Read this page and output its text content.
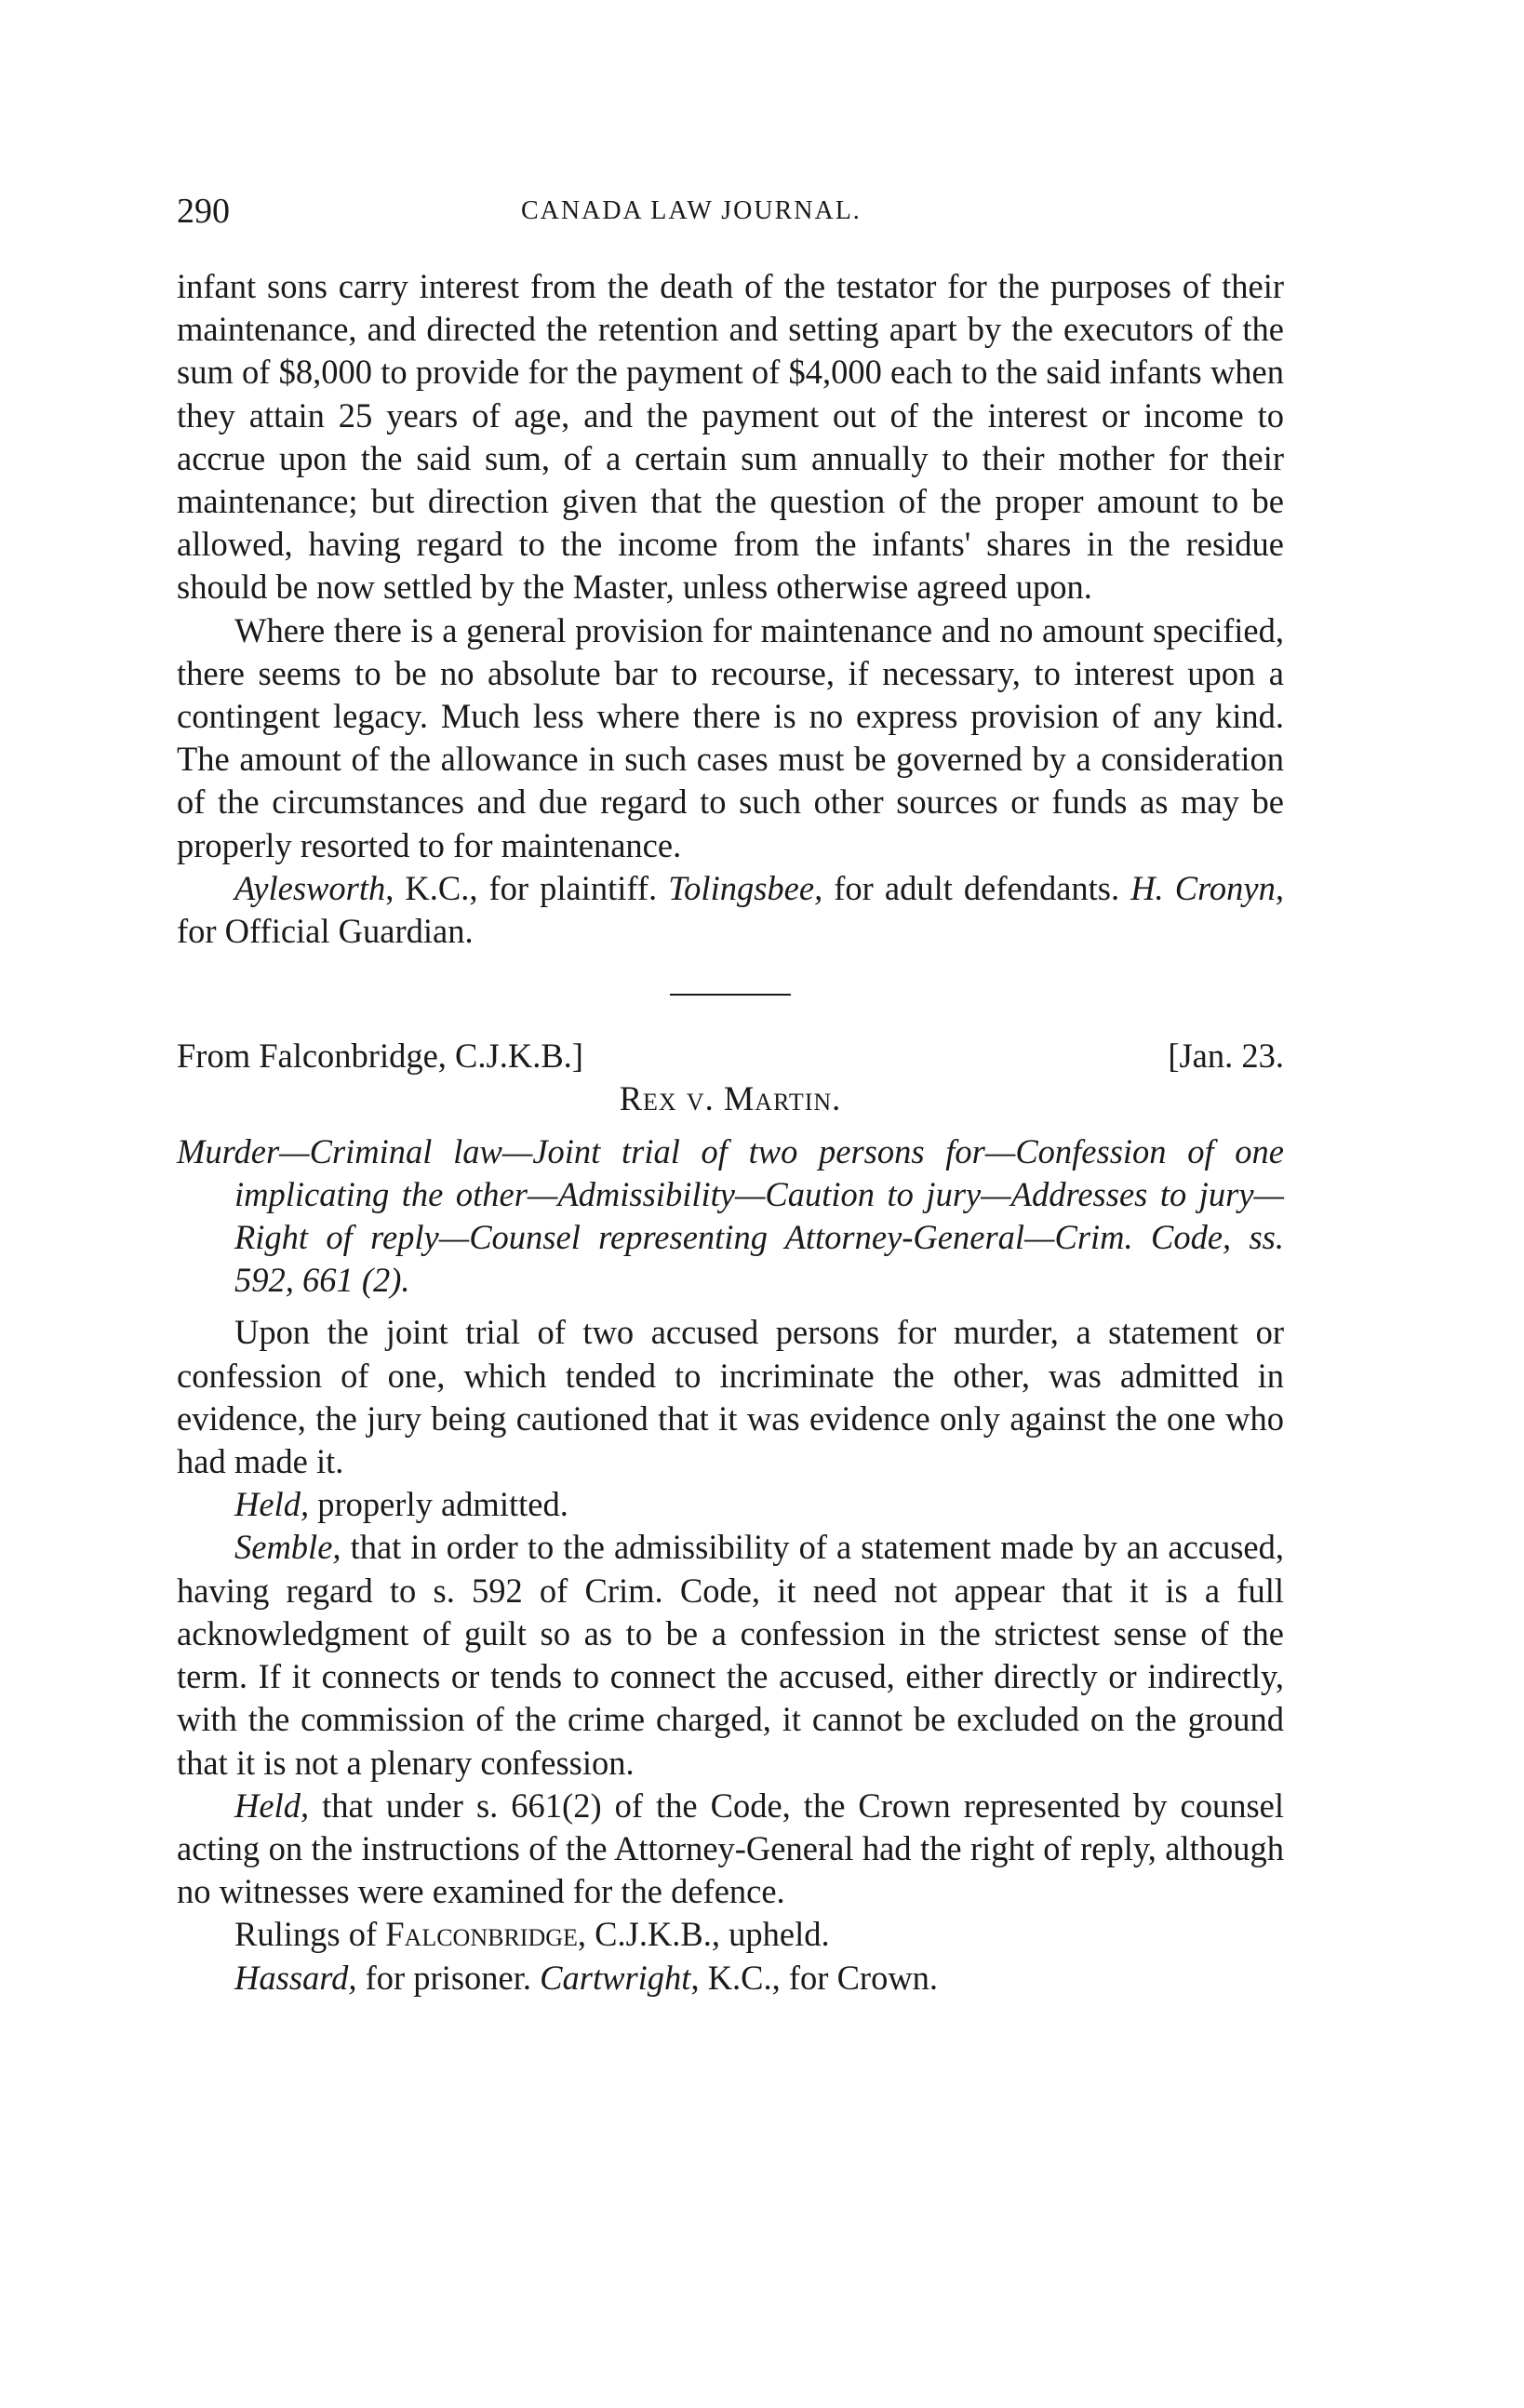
290	CANADA LAW JOURNAL.

infant sons carry interest from the death of the testator for the purposes of their maintenance, and directed the retention and setting apart by the executors of the sum of $8,000 to provide for the payment of $4,000 each to the said infants when they attain 25 years of age, and the payment out of the interest or income to accrue upon the said sum, of a certain sum annually to their mother for their maintenance; but direction given that the question of the proper amount to be allowed, having regard to the income from the infants' shares in the residue should be now settled by the Master, unless otherwise agreed upon.

Where there is a general provision for maintenance and no amount specified, there seems to be no absolute bar to recourse, if necessary, to interest upon a contingent legacy. Much less where there is no express provision of any kind. The amount of the allowance in such cases must be governed by a consideration of the circumstances and due regard to such other sources or funds as may be properly resorted to for maintenance.

Aylesworth, K.C., for plaintiff. Tolingsbee, for adult defendants. H. Cronyn, for Official Guardian.

From Falconbridge, C.J.K.B.]	[Jan. 23.
Rex v. Martin.

Murder—Criminal law—Joint trial of two persons for—Confession of one implicating the other—Admissibility—Caution to jury—Addresses to jury—Right of reply—Counsel representing Attorney-General—Crim. Code, ss. 592, 661 (2).

Upon the joint trial of two accused persons for murder, a statement or confession of one, which tended to incriminate the other, was admitted in evidence, the jury being cautioned that it was evidence only against the one who had made it.

Held, properly admitted.

Semble, that in order to the admissibility of a statement made by an accused, having regard to s. 592 of Crim. Code, it need not appear that it is a full acknowledgment of guilt so as to be a confession in the strictest sense of the term. If it connects or tends to connect the accused, either directly or indirectly, with the commission of the crime charged, it cannot be excluded on the ground that it is not a plenary confession.

Held, that under s. 661(2) of the Code, the Crown represented by counsel acting on the instructions of the Attorney-General had the right of reply, although no witnesses were examined for the defence.

Rulings of Falconbridge, C.J.K.B., upheld.

Hassard, for prisoner. Cartwright, K.C., for Crown.
